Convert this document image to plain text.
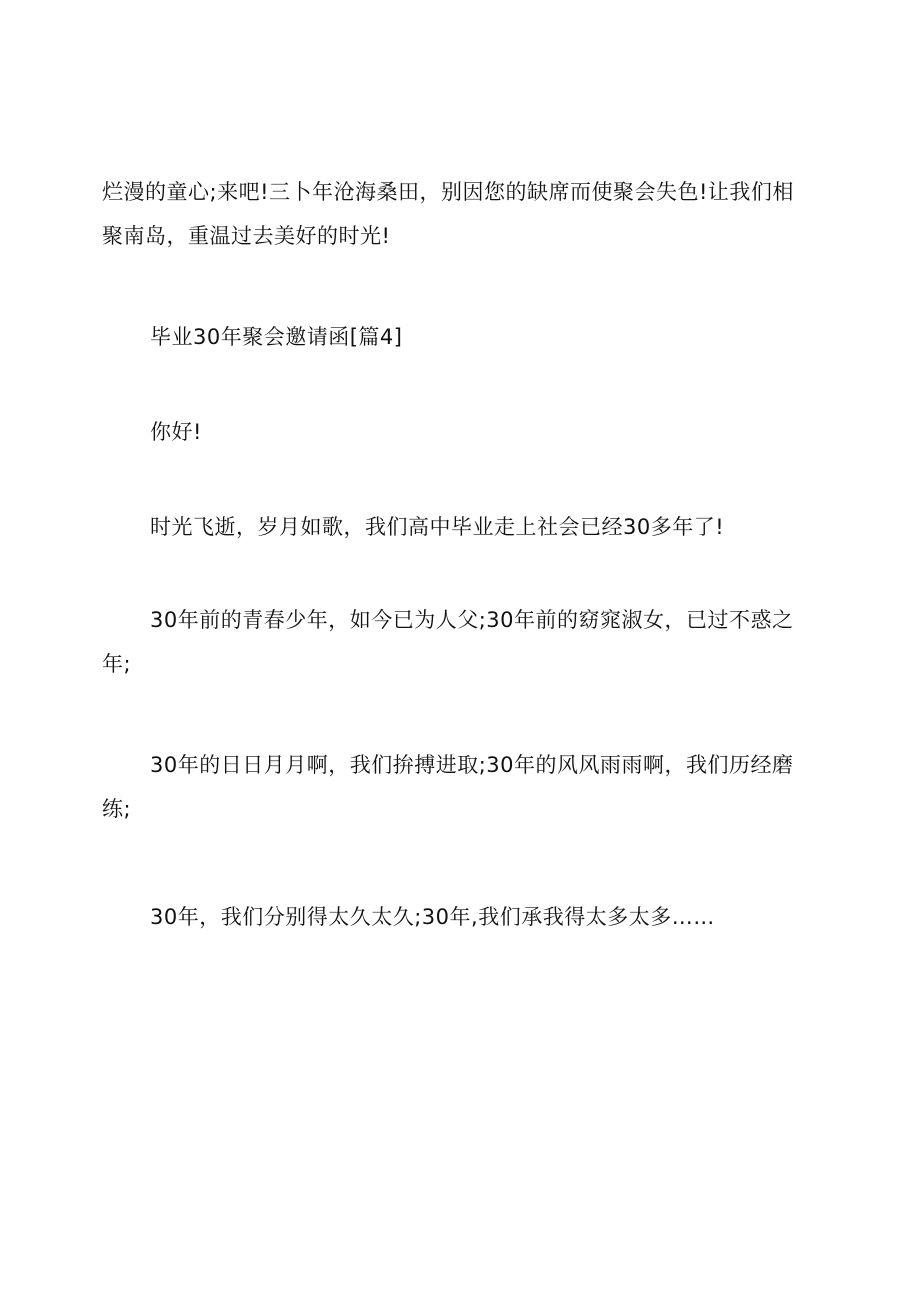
烂漫的童心;来吧!三卜年沧海桑田，别因您的缺席而使聚会失色!让我们相聚南岛，重温过去美好的时光!

毕业30年聚会邀请函[篇4]

你好!

时光飞逝，岁月如歌，我们高中毕业走上社会已经30多年了!

30年前的青春少年，如今已为人父;30年前的窈窕淑女，已过不惑之年;

30年的日日月月啊，我们拚搏进取;30年的风风雨雨啊，我们历经磨练;

30年，我们分别得太久太久;30年,我们承我得太多太多……
